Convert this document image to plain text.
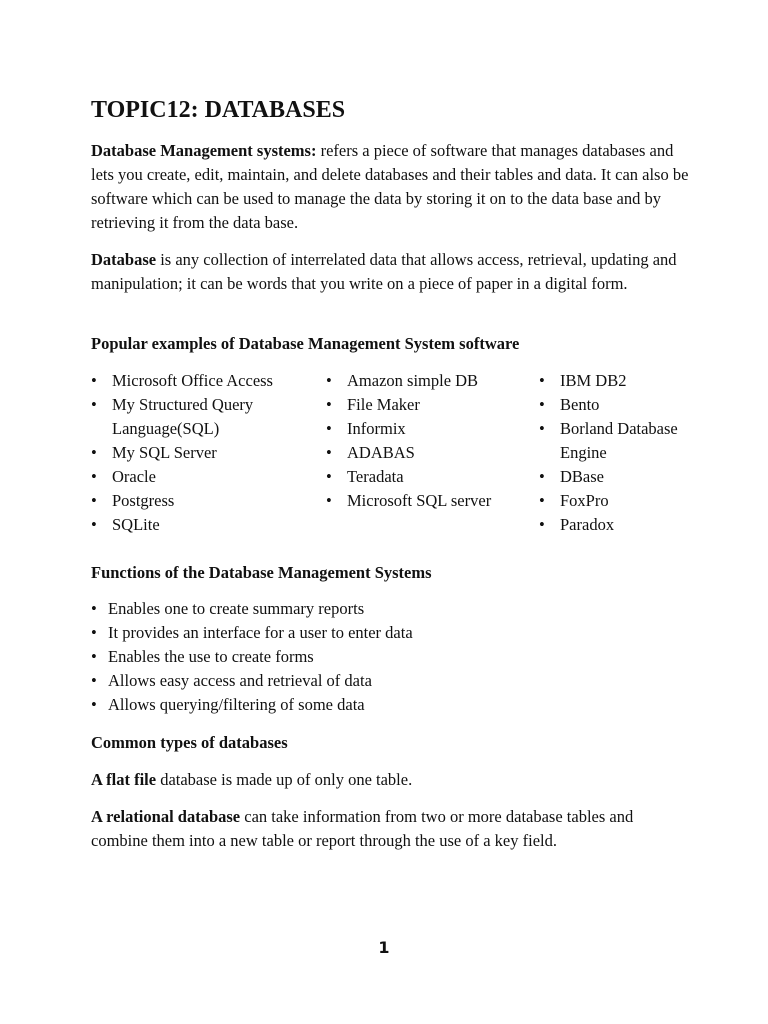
TOPIC12: DATABASES
Database Management systems: refers a piece of software that manages databases and lets you create, edit, maintain, and delete databases and their tables and data. It can also be software which can be used to manage the data by storing it on to the data base and by retrieving it from the data base.
Database is any collection of interrelated data that allows access, retrieval, updating and manipulation; it can be words that you write on a piece of paper in a digital form.
Popular examples of Database Management System software
• Microsoft Office Access
• My Structured Query Language(SQL)
• My SQL Server
• Oracle
• Postgress
• SQLite
• Amazon simple DB
• File Maker
• Informix
• ADABAS
• Teradata
• Microsoft SQL server
• IBM DB2
• Bento
• Borland Database Engine
• DBase
• FoxPro
• Paradox
Functions of the Database Management Systems
• Enables one to create summary reports
• It provides an interface for a user to enter data
• Enables the use to create forms
• Allows easy access and retrieval of data
• Allows querying/filtering of some data
Common types of databases
A flat file database is made up of only one table.
A relational database can take information from two or more database tables and combine them into a new table or report through the use of a key field.
1
